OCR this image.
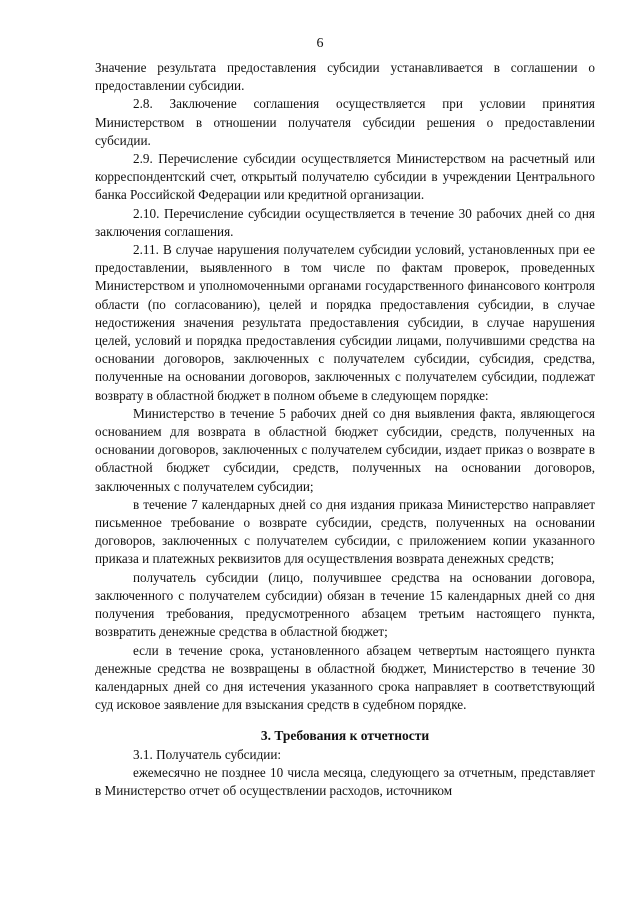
6

Значение результата предоставления субсидии устанавливается в соглашении о предоставлении субсидии.

2.8. Заключение соглашения осуществляется при условии принятия Министерством в отношении получателя субсидии решения о предоставлении субсидии.

2.9. Перечисление субсидии осуществляется Министерством на расчетный или корреспондентский счет, открытый получателю субсидии в учреждении Центрального банка Российской Федерации или кредитной организации.

2.10. Перечисление субсидии осуществляется в течение 30 рабочих дней со дня заключения соглашения.

2.11. В случае нарушения получателем субсидии условий, установленных при ее предоставлении, выявленного в том числе по фактам проверок, проведенных Министерством и уполномоченными органами государственного финансового контроля области (по согласованию), целей и порядка предоставления субсидии, в случае недостижения значения результата предоставления субсидии, в случае нарушения целей, условий и порядка предоставления субсидии лицами, получившими средства на основании договоров, заключенных с получателем субсидии, субсидия, средства, полученные на основании договоров, заключенных с получателем субсидии, подлежат возврату в областной бюджет в полном объеме в следующем порядке:

Министерство в течение 5 рабочих дней со дня выявления факта, являющегося основанием для возврата в областной бюджет субсидии, средств, полученных на основании договоров, заключенных с получателем субсидии, издает приказ о возврате в областной бюджет субсидии, средств, полученных на основании договоров, заключенных с получателем субсидии;

в течение 7 календарных дней со дня издания приказа Министерство направляет письменное требование о возврате субсидии, средств, полученных на основании договоров, заключенных с получателем субсидии, с приложением копии указанного приказа и платежных реквизитов для осуществления возврата денежных средств;

получатель субсидии (лицо, получившее средства на основании договора, заключенного с получателем субсидии) обязан в течение 15 календарных дней со дня получения требования, предусмотренного абзацем третьим настоящего пункта, возвратить денежные средства в областной бюджет;

если в течение срока, установленного абзацем четвертым настоящего пункта денежные средства не возвращены в областной бюджет, Министерство в течение 30 календарных дней со дня истечения указанного срока направляет в соответствующий суд исковое заявление для взыскания средств в судебном порядке.

3. Требования к отчетности

3.1. Получатель субсидии:

ежемесячно не позднее 10 числа месяца, следующего за отчетным, представляет в Министерство отчет об осуществлении расходов, источником
